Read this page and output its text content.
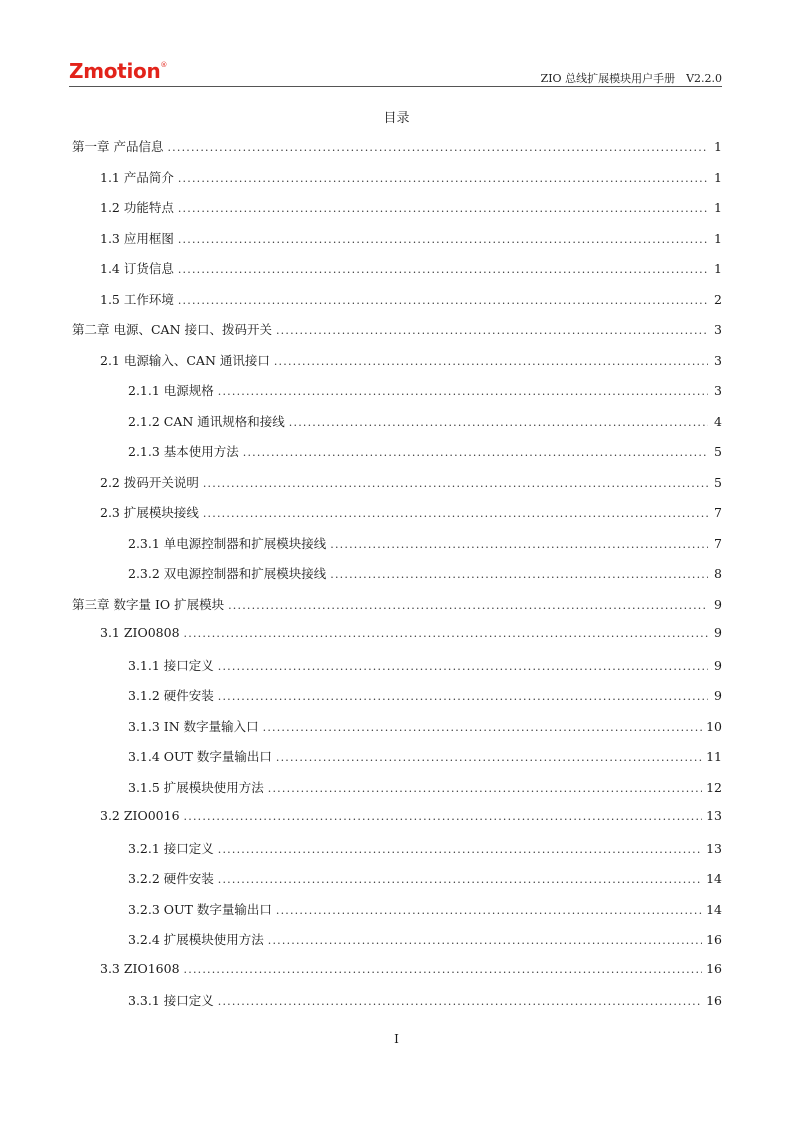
Zmotion®
ZIO 总线扩展模块用户手册　V2.2.0
目录
第一章 产品信息 .....	1
1.1 产品简介 .....	1
1.2 功能特点 .....	1
1.3 应用框图 .....	1
1.4 订货信息 .....	1
1.5 工作环境 .....	2
第二章 电源、CAN 接口、拨码开关 .....	3
2.1 电源输入、CAN 通讯接口 .....	3
2.1.1 电源规格 .....	3
2.1.2 CAN 通讯规格和接线 .....	4
2.1.3 基本使用方法 .....	5
2.2 拨码开关说明 .....	5
2.3 扩展模块接线 .....	7
2.3.1 单电源控制器和扩展模块接线 .....	7
2.3.2 双电源控制器和扩展模块接线 .....	8
第三章 数字量 IO 扩展模块 .....	9
3.1 ZIO0808 .....	9
3.1.1 接口定义 .....	9
3.1.2 硬件安装 .....	9
3.1.3 IN 数字量输入口 .....	10
3.1.4 OUT 数字量输出口 .....	11
3.1.5 扩展模块使用方法 .....	12
3.2 ZIO0016 .....	13
3.2.1 接口定义 .....	13
3.2.2 硬件安装 .....	14
3.2.3 OUT 数字量输出口 .....	14
3.2.4 扩展模块使用方法 .....	16
3.3 ZIO1608 .....	16
3.3.1 接口定义 .....	16
I
